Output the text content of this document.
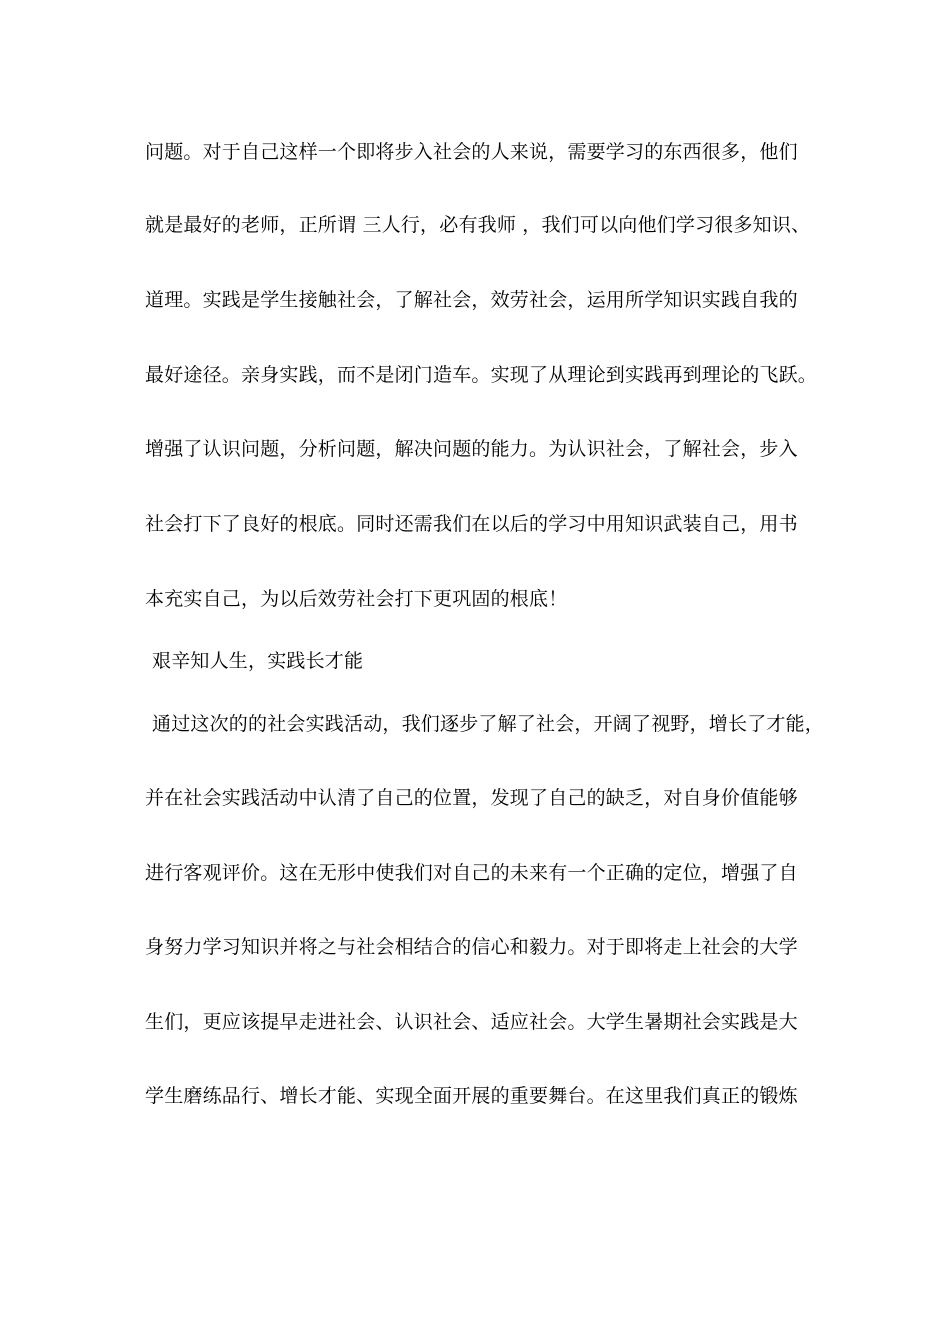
问题。对于自己这样一个即将步入社会的人来说，需要学习的东西很多，他们
就是最好的老师，正所谓 三人行，必有我师 ，我们可以向他们学习很多知识、
道理。实践是学生接触社会，了解社会，效劳社会，运用所学知识实践自我的
最好途径。亲身实践，而不是闭门造车。实现了从理论到实践再到理论的飞跃。
增强了认识问题，分析问题，解决问题的能力。为认识社会，了解社会，步入
社会打下了良好的根底。同时还需我们在以后的学习中用知识武装自己，用书
本充实自己，为以后效劳社会打下更巩固的根底！
艰辛知人生，实践长才能
通过这次的的社会实践活动，我们逐步了解了社会，开阔了视野，增长了才能，
并在社会实践活动中认清了自己的位置，发现了自己的缺乏，对自身价值能够
进行客观评价。这在无形中使我们对自己的未来有一个正确的定位，增强了自
身努力学习知识并将之与社会相结合的信心和毅力。对于即将走上社会的大学
生们，更应该提早走进社会、认识社会、适应社会。大学生暑期社会实践是大
学生磨练品行、增长才能、实现全面开展的重要舞台。在这里我们真正的锻炼
